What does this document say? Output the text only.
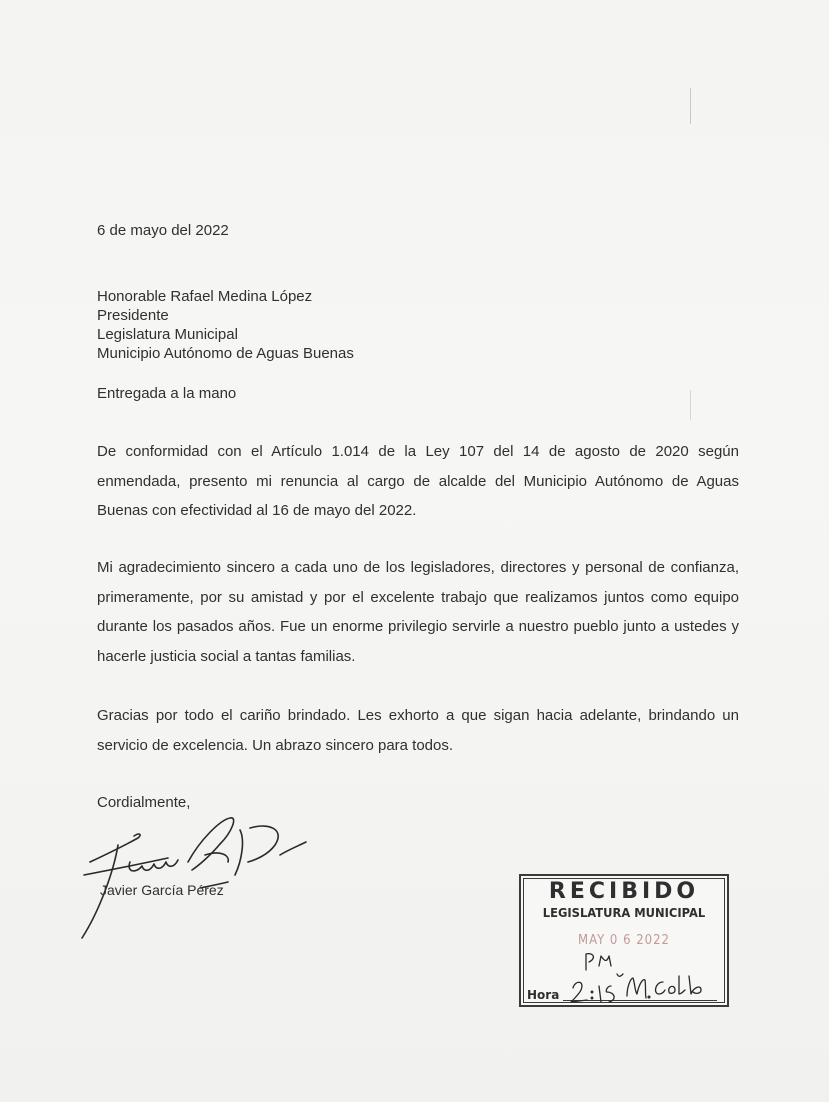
6 de mayo del 2022
Honorable Rafael Medina López
Presidente
Legislatura Municipal
Municipio Autónomo de Aguas Buenas
Entregada a la mano
De conformidad con el Artículo 1.014 de la Ley 107 del 14 de agosto de 2020 según enmendada, presento mi renuncia al cargo de alcalde del Municipio Autónomo de Aguas Buenas con efectividad al 16 de mayo del 2022.
Mi agradecimiento sincero a cada uno de los legisladores, directores y personal de confianza, primeramente, por su amistad y por el excelente trabajo que realizamos juntos como equipo durante los pasados años. Fue un enorme privilegio servirle a nuestro pueblo junto a ustedes y hacerle justicia social a tantas familias.
Gracias por todo el cariño brindado. Les exhorto a que sigan hacia adelante, brindando un servicio de excelencia. Un abrazo sincero para todos.
Cordialmente,
Javier García Pérez	RECIBIDO
LEGISLATURA MUNICIPAL
MAY 0 6 2022
Hora
